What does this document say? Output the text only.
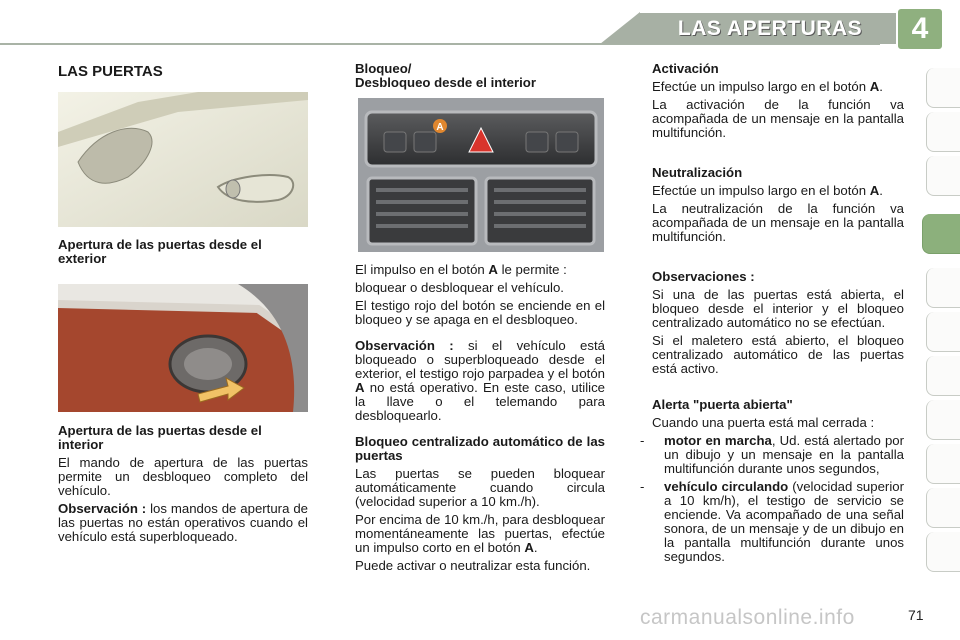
LAS APERTURAS	4
LAS PUERTAS
Apertura de las puertas desde el exterior

Apertura de las puertas desde el interior

El mando de apertura de las puertas permite un desbloqueo completo del vehículo.

Observación : los mandos de apertura de las puertas no están operativos cuando el vehículo está superbloqueado.

Bloqueo/
Desbloqueo desde el interior
A

El impulso en el botón A le permite :

bloquear o desbloquear el vehículo.

El testigo rojo del botón se enciende en el bloqueo y se apaga en el desbloqueo.

Observación : si el vehículo está bloqueado o superbloqueado desde el exterior, el testigo rojo parpadea y el botón A no está operativo. En este caso, utilice la llave o el telemando para desbloquearlo.

Bloqueo centralizado automático de las puertas

Las puertas se pueden bloquear automáticamente cuando circula (velocidad superior a 10 km./h).

Por encima de 10 km./h, para desbloquear momentáneamente las puertas, efectúe un impulso corto en el botón A.

Puede activar o neutralizar esta función.

Activación

Efectúe un impulso largo en el botón A.

La activación de la función va acompañada de un mensaje en la pantalla multifunción.

Neutralización

Efectúe un impulso largo en el botón A.

La neutralización de la función va acompañada de un mensaje en la pantalla multifunción.

Observaciones :

Si una de las puertas está abierta, el bloqueo desde el interior y el bloqueo centralizado automático no se efectúan.

Si el maletero está abierto, el bloqueo centralizado automático de las puertas está activo.

Alerta "puerta abierta"

Cuando una puerta está mal cerrada :

- motor en marcha, Ud. está alertado por un dibujo y un mensaje en la pantalla multifunción durante unos segundos,

- vehículo circulando (velocidad superior a 10 km/h), el testigo de servicio se enciende. Va acompañado de una señal sonora, de un mensaje y de un dibujo en la pantalla multifunción durante unos segundos.

carmanualsonline.info	71
